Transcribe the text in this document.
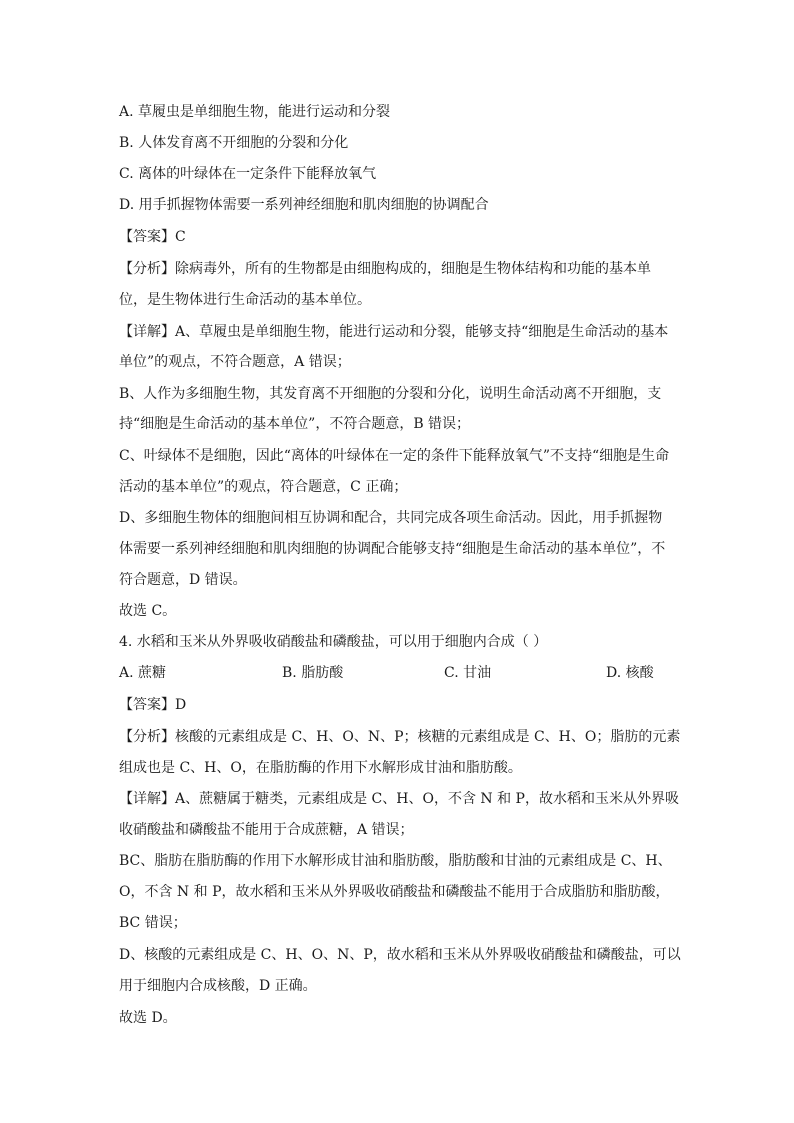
A. 草履虫是单细胞生物，能进行运动和分裂
B. 人体发育离不开细胞的分裂和分化
C. 离体的叶绿体在一定条件下能释放氧气
D. 用手抓握物体需要一系列神经细胞和肌肉细胞的协调配合
【答案】C
【分析】除病毒外，所有的生物都是由细胞构成的，细胞是生物体结构和功能的基本单
位，是生物体进行生命活动的基本单位。
【详解】A、草履虫是单细胞生物，能进行运动和分裂，能够支持“细胞是生命活动的基本
单位”的观点，不符合题意，A 错误；
B、人作为多细胞生物，其发育离不开细胞的分裂和分化，说明生命活动离不开细胞，支
持“细胞是生命活动的基本单位”，不符合题意，B 错误；
C、叶绿体不是细胞，因此“离体的叶绿体在一定的条件下能释放氧气”不支持“细胞是生命
活动的基本单位”的观点，符合题意，C 正确；
D、多细胞生物体的细胞间相互协调和配合，共同完成各项生命活动。因此，用手抓握物
体需要一系列神经细胞和肌肉细胞的协调配合能够支持“细胞是生命活动的基本单位”，不
符合题意，D 错误。
故选 C。
4. 水稻和玉米从外界吸收硝酸盐和磷酸盐，可以用于细胞内合成（ ）
A. 蔗糖	B. 脂肪酸	C. 甘油	D. 核酸
【答案】D
【分析】核酸的元素组成是 C、H、O、N、P；核糖的元素组成是 C、H、O；脂肪的元素
组成也是 C、H、O，在脂肪酶的作用下水解形成甘油和脂肪酸。
【详解】A、蔗糖属于糖类，元素组成是 C、H、O，不含 N 和 P，故水稻和玉米从外界吸
收硝酸盐和磷酸盐不能用于合成蔗糖，A 错误；
BC、脂肪在脂肪酶的作用下水解形成甘油和脂肪酸，脂肪酸和甘油的元素组成是 C、H、
O，不含 N 和 P，故水稻和玉米从外界吸收硝酸盐和磷酸盐不能用于合成脂肪和脂肪酸，
BC 错误；
D、核酸的元素组成是 C、H、O、N、P，故水稻和玉米从外界吸收硝酸盐和磷酸盐，可以
用于细胞内合成核酸，D 正确。
故选 D。
